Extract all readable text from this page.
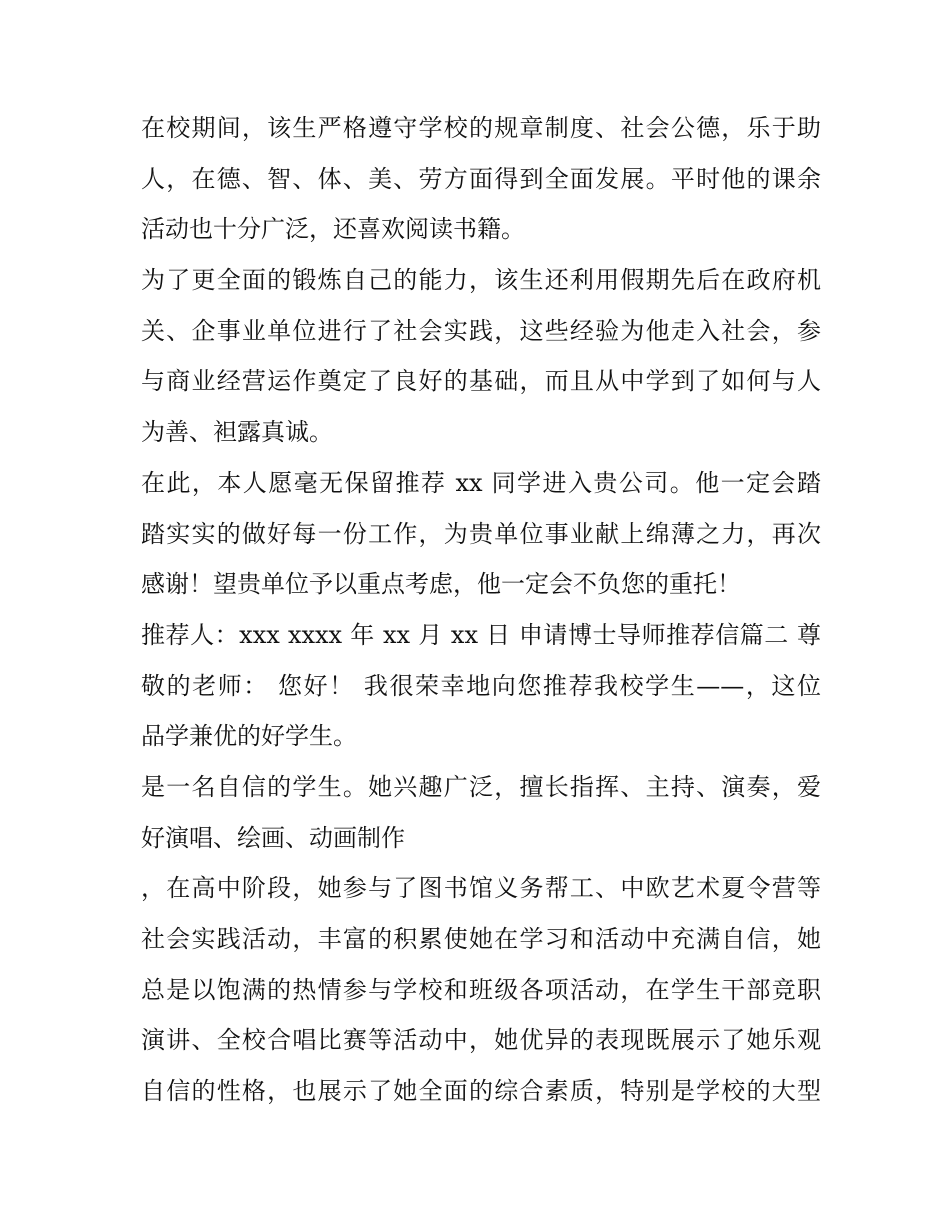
在校期间，该生严格遵守学校的规章制度、社会公德，乐于助
人，在德、智、体、美、劳方面得到全面发展。平时他的课余
活动也十分广泛，还喜欢阅读书籍。
为了更全面的锻炼自己的能力，该生还利用假期先后在政府机
关、企事业单位进行了社会实践，这些经验为他走入社会，参
与商业经营运作奠定了良好的基础，而且从中学到了如何与人
为善、袒露真诚。
在此，本人愿毫无保留推荐 xx 同学进入贵公司。他一定会踏
踏实实的做好每一份工作，为贵单位事业献上绵薄之力，再次
感谢！望贵单位予以重点考虑，他一定会不负您的重托！
推荐人：xxx xxxx 年 xx 月 xx 日 申请博士导师推荐信篇二 尊
敬的老师： 您好！ 我很荣幸地向您推荐我校学生——，这位
品学兼优的好学生。
是一名自信的学生。她兴趣广泛，擅长指挥、主持、演奏，爱
好演唱、绘画、动画制作
，在高中阶段，她参与了图书馆义务帮工、中欧艺术夏令营等
社会实践活动，丰富的积累使她在学习和活动中充满自信，她
总是以饱满的热情参与学校和班级各项活动，在学生干部竞职
演讲、全校合唱比赛等活动中，她优异的表现既展示了她乐观
自信的性格，也展示了她全面的综合素质，特别是学校的大型
